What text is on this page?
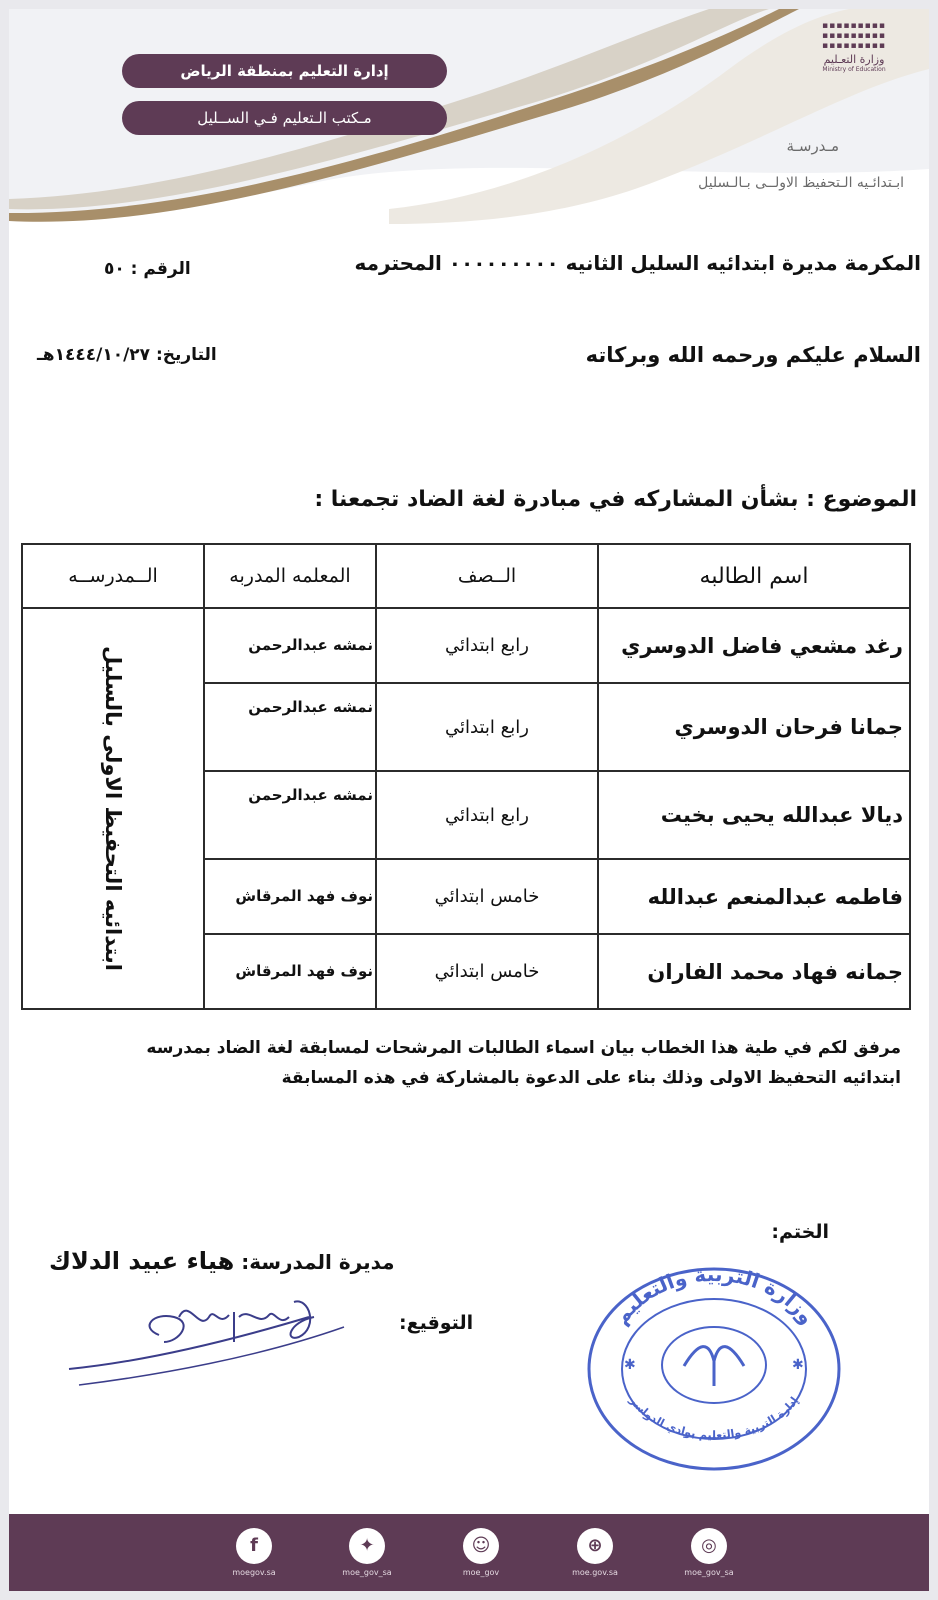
إدارة التعليم بمنطقة الرياض
مـكتب الـتعليم فـي الســليل
▪▪▪▪▪▪▪▪▪
▪▪▪▪▪▪▪▪▪
▪▪▪▪▪▪▪▪▪
وزارة التعـليم
Ministry of Education
مـدرسـة
ابـتدائـيه الـتحفيظ الاولــى بـالـسليل
المكرمة مديرة ابتدائيه السليل الثانيه ٠٠٠٠٠٠٠٠٠ المحترمه
الرقم : ٥٠
السلام عليكم ورحمه الله وبركاته
التاريخ: ١٤٤٤/١٠/٢٧هـ
الموضوع : بشأن المشاركه في مبادرة لغة الضاد تجمعنا :
اسم الطالبه	الــصف	المعلمه المدربه	الــمدرســه
رغد مشعي فاضل الدوسري	رابع ابتدائي	نمشه عبدالرحمن	ابتدائيه التحفيظ الاولى بالسليل

جمانا فرحان الدوسري	رابع ابتدائي	نمشه عبدالرحمن	
ديالا عبدالله يحيى بخيت	رابع ابتدائي	نمشه عبدالرحمن	
فاطمه عبدالمنعم عبدالله	خامس ابتدائي	نوف فهد المرقاش	
جمانه فهاد محمد الفاران	خامس ابتدائي	نوف فهد المرقاش	
مرفق لكم في طية هذا الخطاب بيان اسماء الطالبات المرشحات لمسابقة لغة الضاد بمدرسه
ابتدائيه التحفيظ الاولى وذلك بناء على الدعوة بالمشاركة في هذه المسابقة
الختم:
مديرة المدرسة: هياء عبيد الدلاك
التوقيع:
✱	✱
وزارة التربية والتعليم
إدارة التربية والتعليم بوادي الدواسر
f
moegov.sa
✦
moe_gov_sa
☺
moe_gov
⊕
moe.gov.sa
◎
moe_gov_sa
